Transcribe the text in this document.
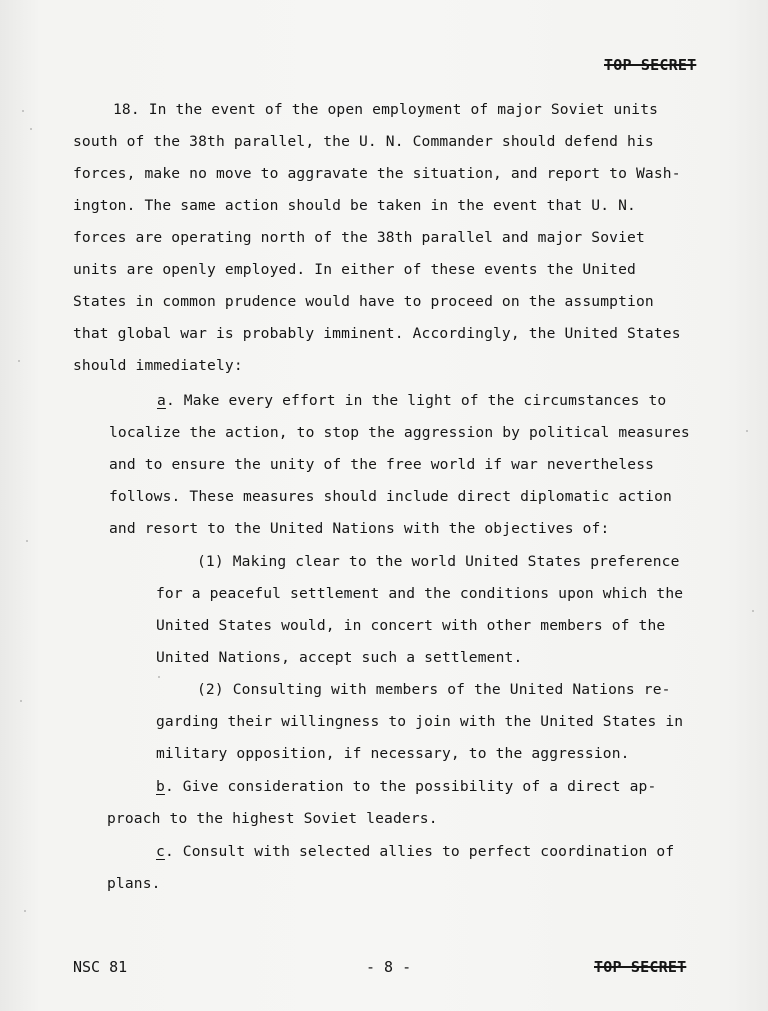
TOP SECRET
18. In the event of the open employment of major Soviet units
south of the 38th parallel, the U. N. Commander should defend his
forces, make no move to aggravate the situation, and report to Wash-
ington. The same action should be taken in the event that U. N.
forces are operating north of the 38th parallel and major Soviet
units are openly employed. In either of these events the United
States in common prudence would have to proceed on the assumption
that global war is probably imminent. Accordingly, the United States
should immediately:
a. Make every effort in the light of the circumstances to
localize the action, to stop the aggression by political measures
and to ensure the unity of the free world if war nevertheless
follows. These measures should include direct diplomatic action
and resort to the United Nations with the objectives of:
(1) Making clear to the world United States preference
for a peaceful settlement and the conditions upon which the
United States would, in concert with other members of the
United Nations, accept such a settlement.
(2) Consulting with members of the United Nations re-
garding their willingness to join with the United States in
military opposition, if necessary, to the aggression.
b. Give consideration to the possibility of a direct ap-
proach to the highest Soviet leaders.
c. Consult with selected allies to perfect coordination of
plans.
NSC 81	- 8 -	TOP SECRET
